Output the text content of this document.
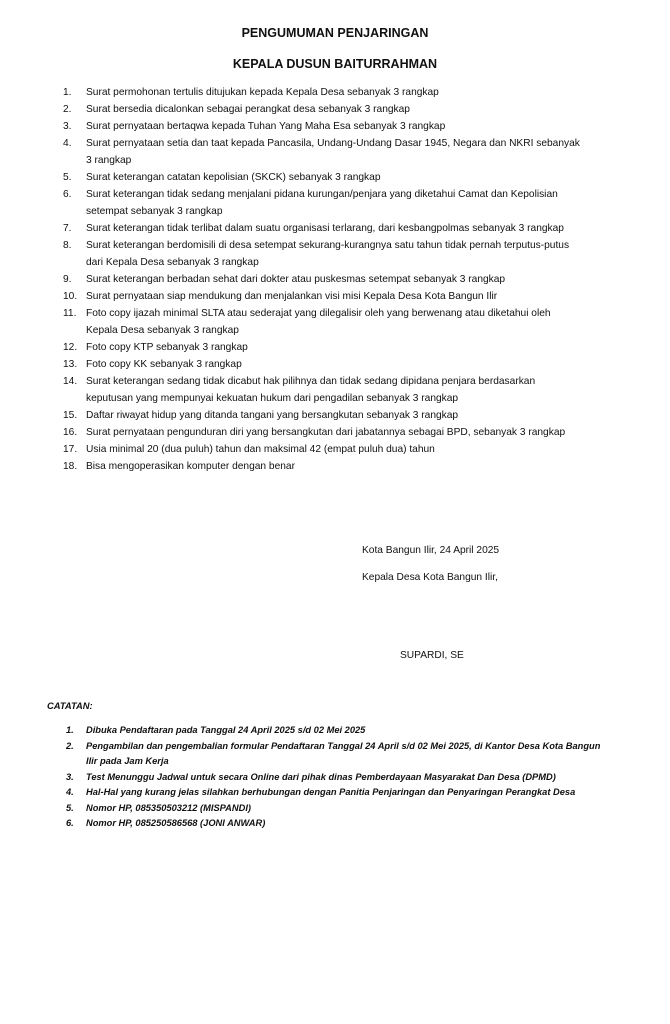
PENGUMUMAN PENJARINGAN
KEPALA DUSUN BAITURRAHMAN
1.	Surat permohonan tertulis ditujukan kepada Kepala Desa sebanyak 3 rangkap
2.	Surat bersedia dicalonkan sebagai perangkat desa sebanyak 3 rangkap
3.	Surat pernyataan bertaqwa kepada Tuhan Yang Maha Esa sebanyak 3 rangkap
4.	Surat pernyataan setia dan taat kepada Pancasila, Undang-Undang Dasar 1945, Negara dan NKRI sebanyak 3 rangkap
5.	Surat keterangan catatan kepolisian (SKCK) sebanyak 3 rangkap
6.	Surat keterangan tidak sedang menjalani pidana kurungan/penjara yang diketahui Camat dan Kepolisian setempat sebanyak 3 rangkap
7.	Surat keterangan tidak terlibat dalam suatu organisasi terlarang, dari kesbangpolmas sebanyak 3 rangkap
8.	Surat keterangan berdomisili di desa setempat sekurang-kurangnya satu tahun tidak pernah terputus-putus dari Kepala Desa sebanyak 3 rangkap
9.	Surat keterangan berbadan sehat dari dokter atau puskesmas setempat sebanyak 3 rangkap
10. Surat pernyataan siap mendukung dan menjalankan visi misi Kepala Desa Kota Bangun Ilir
11. Foto copy ijazah minimal SLTA atau sederajat yang dilegalisir oleh yang berwenang atau diketahui oleh Kepala Desa sebanyak 3 rangkap
12. Foto copy KTP sebanyak 3 rangkap
13. Foto copy KK sebanyak 3 rangkap
14. Surat keterangan sedang tidak dicabut hak pilihnya dan tidak sedang dipidana penjara berdasarkan keputusan yang mempunyai kekuatan hukum dari pengadilan sebanyak 3 rangkap
15. Daftar riwayat hidup yang ditanda tangani yang bersangkutan sebanyak 3 rangkap
16. Surat pernyataan pengunduran diri yang bersangkutan dari jabatannya sebagai BPD, sebanyak 3 rangkap
17. Usia minimal 20 (dua puluh) tahun dan maksimal 42 (empat puluh dua) tahun
18. Bisa mengoperasikan komputer dengan benar

Kota Bangun Ilir, 24 April 2025

Kepala Desa Kota Bangun Ilir,

SUPARDI, SE

CATATAN:

1. Dibuka Pendaftaran pada Tanggal 24 April 2025 s/d 02 Mei 2025
2. Pengambilan dan pengembalian formular Pendaftaran Tanggal 24 April s/d 02 Mei 2025, di Kantor Desa Kota Bangun Ilir pada Jam Kerja
3. Test Menunggu Jadwal untuk secara Online dari pihak dinas Pemberdayaan Masyarakat Dan Desa (DPMD)
4. Hal-Hal yang kurang jelas silahkan berhubungan dengan Panitia Penjaringan dan Penyaringan Perangkat Desa
5. Nomor HP, 085350503212 (MISPANDI)
6. Nomor HP, 085250586568 (JONI ANWAR)
